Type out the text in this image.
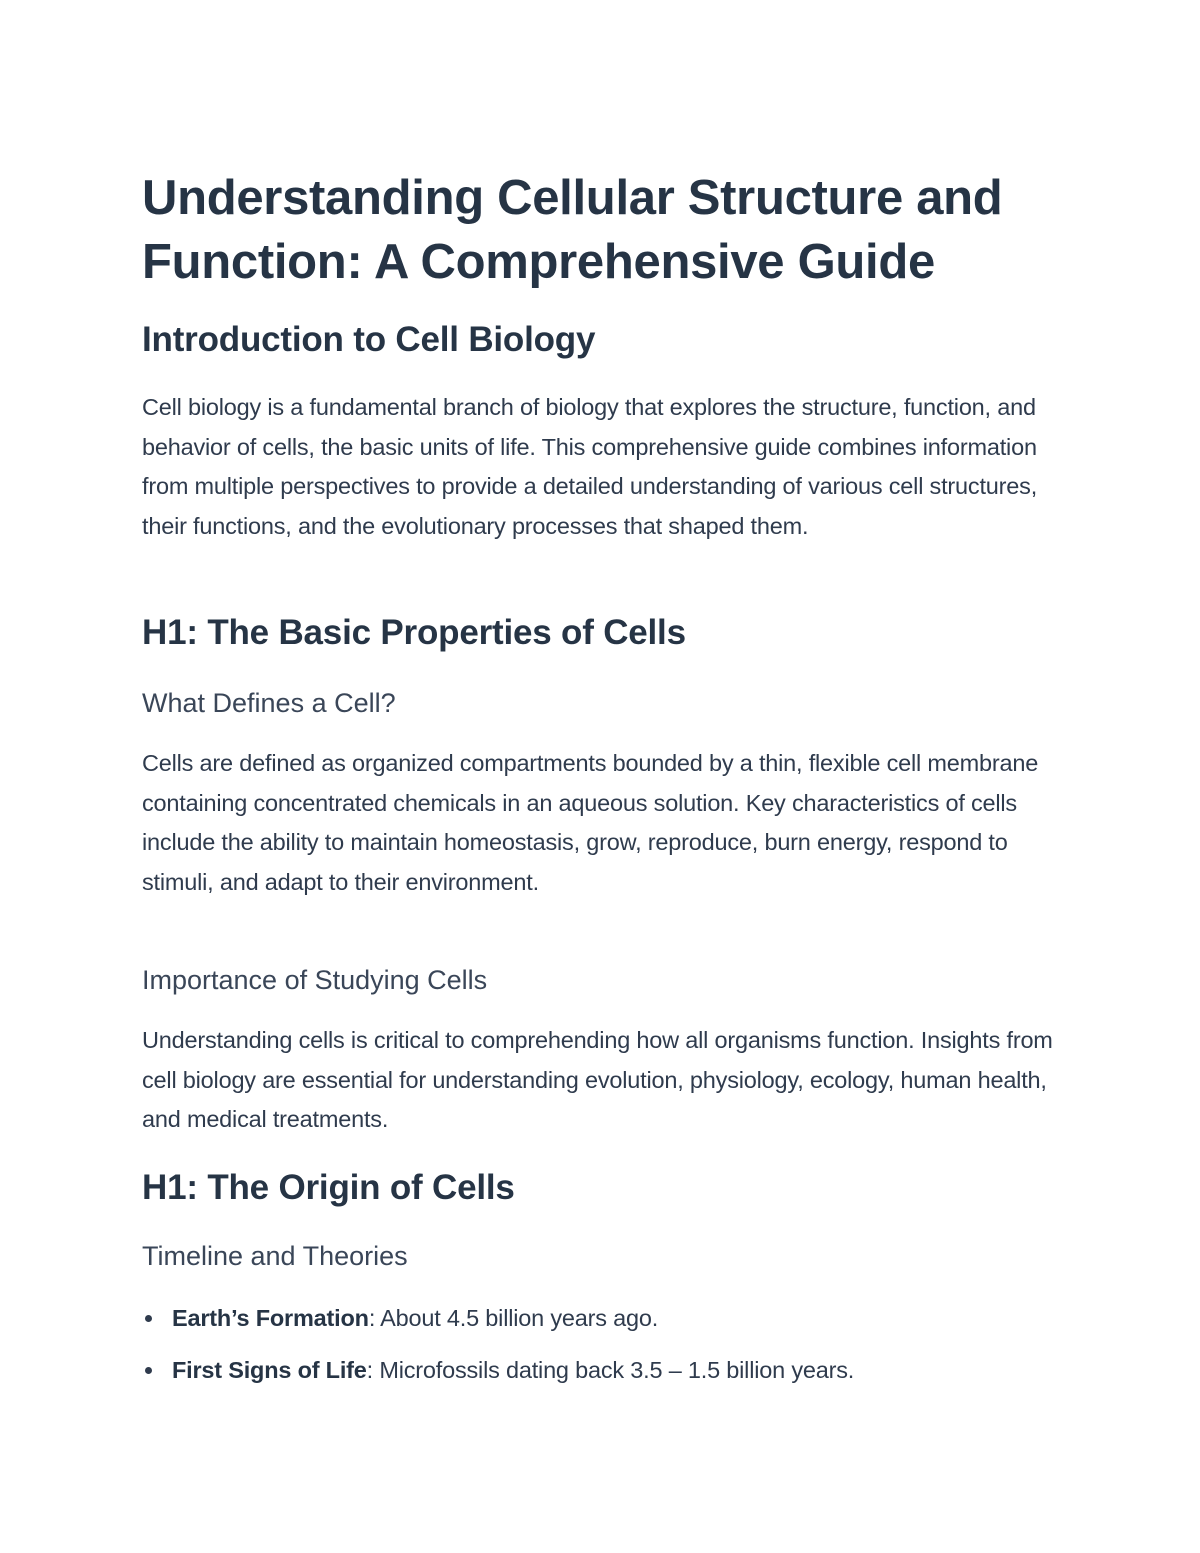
Understanding Cellular Structure and Function: A Comprehensive Guide
Introduction to Cell Biology

Cell biology is a fundamental branch of biology that explores the structure, function, and behavior of cells, the basic units of life. This comprehensive guide combines information from multiple perspectives to provide a detailed understanding of various cell structures, their functions, and the evolutionary processes that shaped them.

H1: The Basic Properties of Cells
What Defines a Cell?

Cells are defined as organized compartments bounded by a thin, flexible cell membrane containing concentrated chemicals in an aqueous solution. Key characteristics of cells include the ability to maintain homeostasis, grow, reproduce, burn energy, respond to stimuli, and adapt to their environment.

Importance of Studying Cells

Understanding cells is critical to comprehending how all organisms function. Insights from cell biology are essential for understanding evolution, physiology, ecology, human health, and medical treatments.

H1: The Origin of Cells
Timeline and Theories
Earth’s Formation: About 4.5 billion years ago.
First Signs of Life: Microfossils dating back 3.5 – 1.5 billion years.
